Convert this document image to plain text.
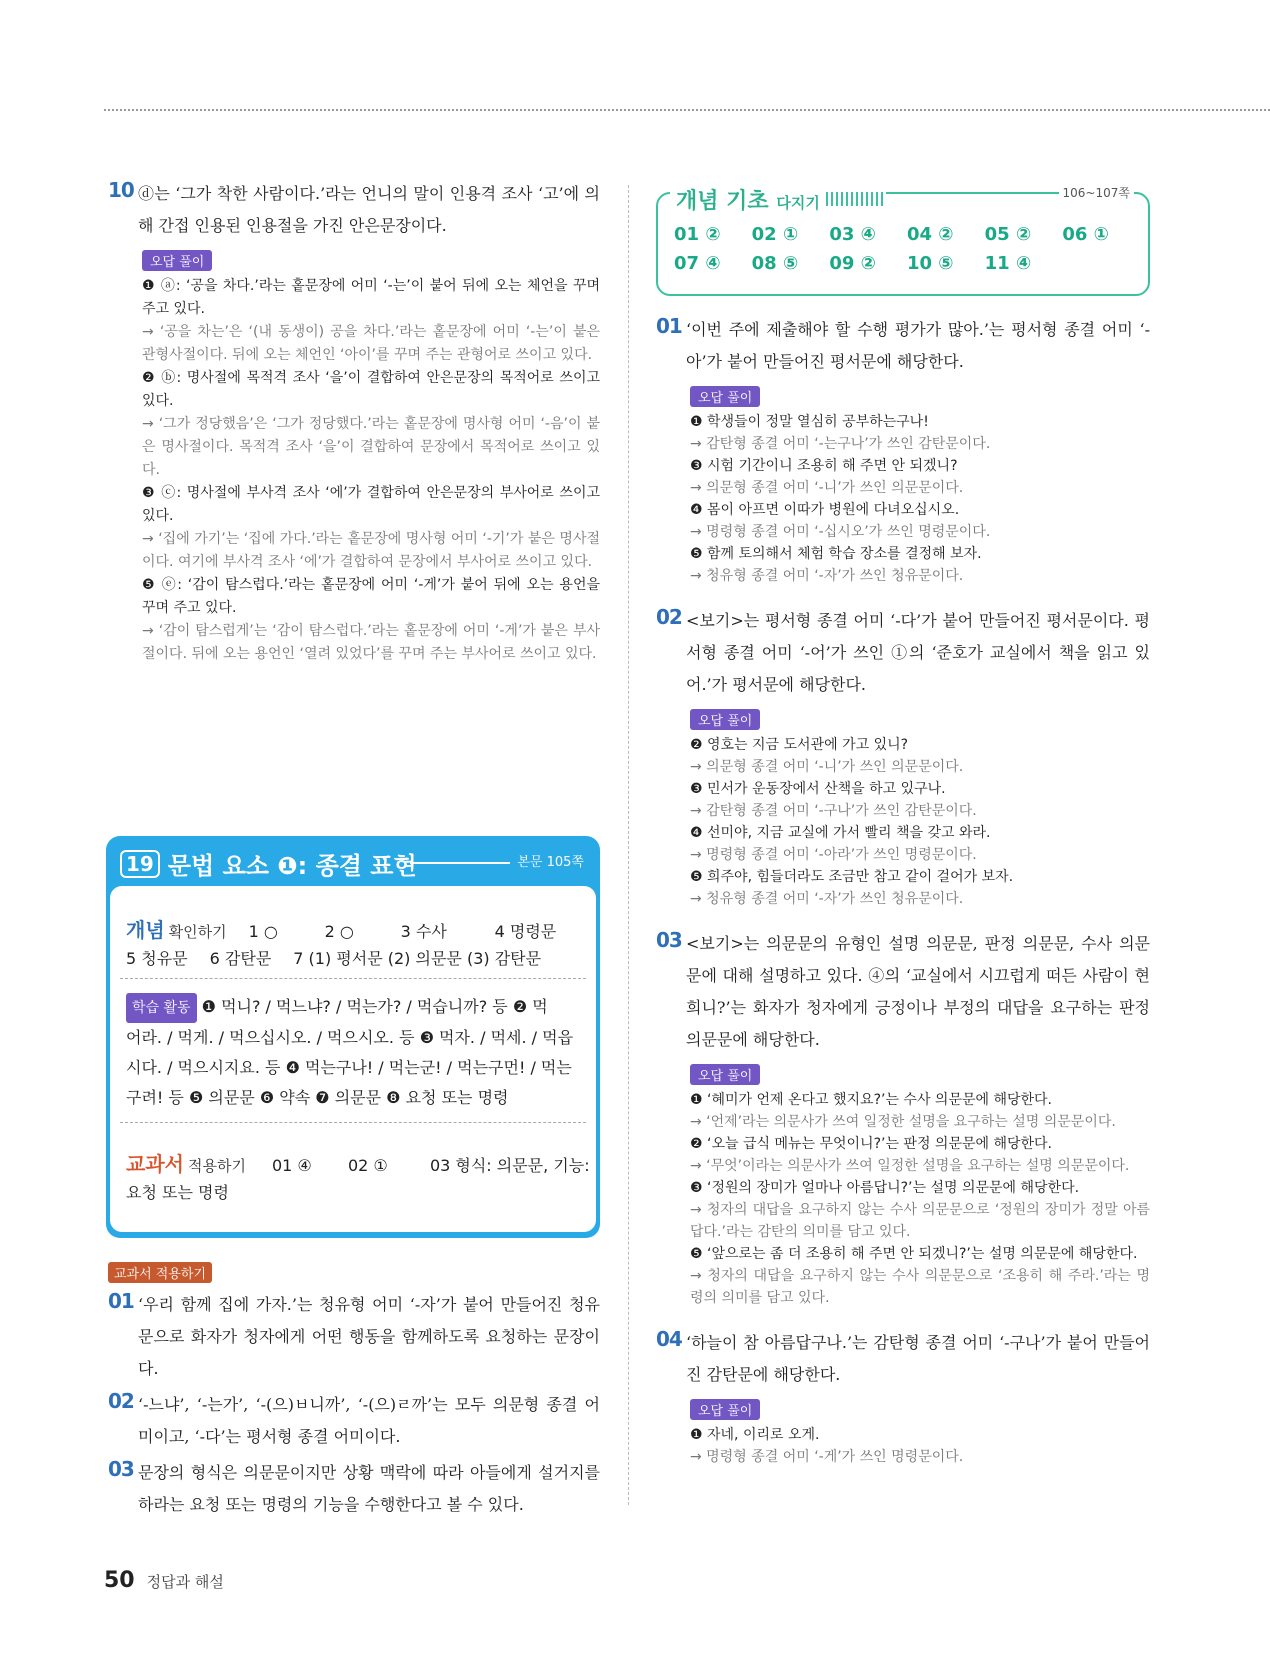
10 ⓓ는 ‘그가 착한 사람이다.’라는 언니의 말이 인용격 조사 ‘고’에 의해 간접 인용된 인용절을 가진 안은문장이다.
오답 풀이
❶ ⓐ: ‘공을 차다.’라는 홑문장에 어미 ‘-는’이 붙어 뒤에 오는 체언을 꾸며 주고 있다.
→ ‘공을 차는’은 ‘(내 동생이) 공을 차다.’라는 홑문장에 어미 ‘-는’이 붙은 관형사절이다. 뒤에 오는 체언인 ‘아이’를 꾸며 주는 관형어로 쓰이고 있다.
❷ ⓑ: 명사절에 목적격 조사 ‘을’이 결합하여 안은문장의 목적어로 쓰이고 있다.
→ ‘그가 정당했음’은 ‘그가 정당했다.’라는 홑문장에 명사형 어미 ‘-음’이 붙은 명사절이다. 목적격 조사 ‘을’이 결합하여 문장에서 목적어로 쓰이고 있다.
❸ ⓒ: 명사절에 부사격 조사 ‘에’가 결합하여 안은문장의 부사어로 쓰이고 있다.
→ ‘집에 가기’는 ‘집에 가다.’라는 홑문장에 명사형 어미 ‘-기’가 붙은 명사절이다. 여기에 부사격 조사 ‘에’가 결합하여 문장에서 부사어로 쓰이고 있다.
❺ ⓔ: ‘감이 탐스럽다.’라는 홑문장에 어미 ‘-게’가 붙어 뒤에 오는 용언을 꾸며 주고 있다.
→ ‘감이 탐스럽게’는 ‘감이 탐스럽다.’라는 홑문장에 어미 ‘-게’가 붙은 부사절이다. 뒤에 오는 용언인 ‘열려 있었다’를 꾸며 주는 부사어로 쓰이고 있다.
19 문법 요소 ❶: 종결 표현	본문 105쪽
개념 확인하기 1 ○	2 ○	3 수사	4 명령문
5 청유문 6 감탄문 7 (1) 평서문 (2) 의문문 (3) 감탄문
학습 활동 ❶ 먹니? / 먹느냐? / 먹는가? / 먹습니까? 등 ❷ 먹
어라. / 먹게. / 먹으십시오. / 먹으시오. 등 ❸ 먹자. / 먹세. / 먹읍
시다. / 먹으시지요. 등 ❹ 먹는구나! / 먹는군! / 먹는구먼! / 먹는
구려! 등 ❺ 의문문 ❻ 약속 ❼ 의문문 ❽ 요청 또는 명령
교과서 적용하기 01 ④	02 ①	03 형식: 의문문, 기능:
요청 또는 명령
교과서 적용하기
01 ‘우리 함께 집에 가자.’는 청유형 어미 ‘-자’가 붙어 만들어진 청유문으로 화자가 청자에게 어떤 행동을 함께하도록 요청하는 문장이다.
02 ‘-느냐’, ‘-는가’, ‘-(으)ㅂ니까’, ‘-(으)ㄹ까’는 모두 의문형 종결 어미이고, ‘-다’는 평서형 종결 어미이다.
03 문장의 형식은 의문문이지만 상황 맥락에 따라 아들에게 설거지를 하라는 요청 또는 명령의 기능을 수행한다고 볼 수 있다.
개념 기초 다지기
106~107쪽
01 ②	02 ①	03 ④	04 ②	05 ②	06 ①
07 ④	08 ⑤	09 ②	10 ⑤	11 ④
01 ‘이번 주에 제출해야 할 수행 평가가 많아.’는 평서형 종결 어미 ‘-아’가 붙어 만들어진 평서문에 해당한다.
오답 풀이
❶ 학생들이 정말 열심히 공부하는구나!
→ 감탄형 종결 어미 ‘-는구나’가 쓰인 감탄문이다.
❸ 시험 기간이니 조용히 해 주면 안 되겠니?
→ 의문형 종결 어미 ‘-니’가 쓰인 의문문이다.
❹ 몸이 아프면 이따가 병원에 다녀오십시오.
→ 명령형 종결 어미 ‘-십시오’가 쓰인 명령문이다.
❺ 함께 토의해서 체험 학습 장소를 결정해 보자.
→ 청유형 종결 어미 ‘-자’가 쓰인 청유문이다.
02 <보기>는 평서형 종결 어미 ‘-다’가 붙어 만들어진 평서문이다. 평서형 종결 어미 ‘-어’가 쓰인 ①의 ‘준호가 교실에서 책을 읽고 있어.’가 평서문에 해당한다.
오답 풀이
❷ 영호는 지금 도서관에 가고 있니?
→ 의문형 종결 어미 ‘-니’가 쓰인 의문문이다.
❸ 민서가 운동장에서 산책을 하고 있구나.
→ 감탄형 종결 어미 ‘-구나’가 쓰인 감탄문이다.
❹ 선미야, 지금 교실에 가서 빨리 책을 갖고 와라.
→ 명령형 종결 어미 ‘-아라’가 쓰인 명령문이다.
❺ 희주야, 힘들더라도 조금만 참고 같이 걸어가 보자.
→ 청유형 종결 어미 ‘-자’가 쓰인 청유문이다.
03 <보기>는 의문문의 유형인 설명 의문문, 판정 의문문, 수사 의문문에 대해 설명하고 있다. ④의 ‘교실에서 시끄럽게 떠든 사람이 현희니?’는 화자가 청자에게 긍정이나 부정의 대답을 요구하는 판정 의문문에 해당한다.
오답 풀이
❶ ‘혜미가 언제 온다고 했지요?’는 수사 의문문에 해당한다.
→ ‘언제’라는 의문사가 쓰여 일정한 설명을 요구하는 설명 의문문이다.
❷ ‘오늘 급식 메뉴는 무엇이니?’는 판정 의문문에 해당한다.
→ ‘무엇’이라는 의문사가 쓰여 일정한 설명을 요구하는 설명 의문문이다.
❸ ‘정원의 장미가 얼마나 아름답니?’는 설명 의문문에 해당한다.
→ 청자의 대답을 요구하지 않는 수사 의문문으로 ‘정원의 장미가 정말 아름답다.’라는 감탄의 의미를 담고 있다.
❺ ‘앞으로는 좀 더 조용히 해 주면 안 되겠니?’는 설명 의문문에 해당한다.
→ 청자의 대답을 요구하지 않는 수사 의문문으로 ‘조용히 해 주라.’라는 명령의 의미를 담고 있다.
04 ‘하늘이 참 아름답구나.’는 감탄형 종결 어미 ‘-구나’가 붙어 만들어진 감탄문에 해당한다.
오답 풀이
❶ 자네, 이리로 오게.
→ 명령형 종결 어미 ‘-게’가 쓰인 명령문이다.
50 정답과 해설
